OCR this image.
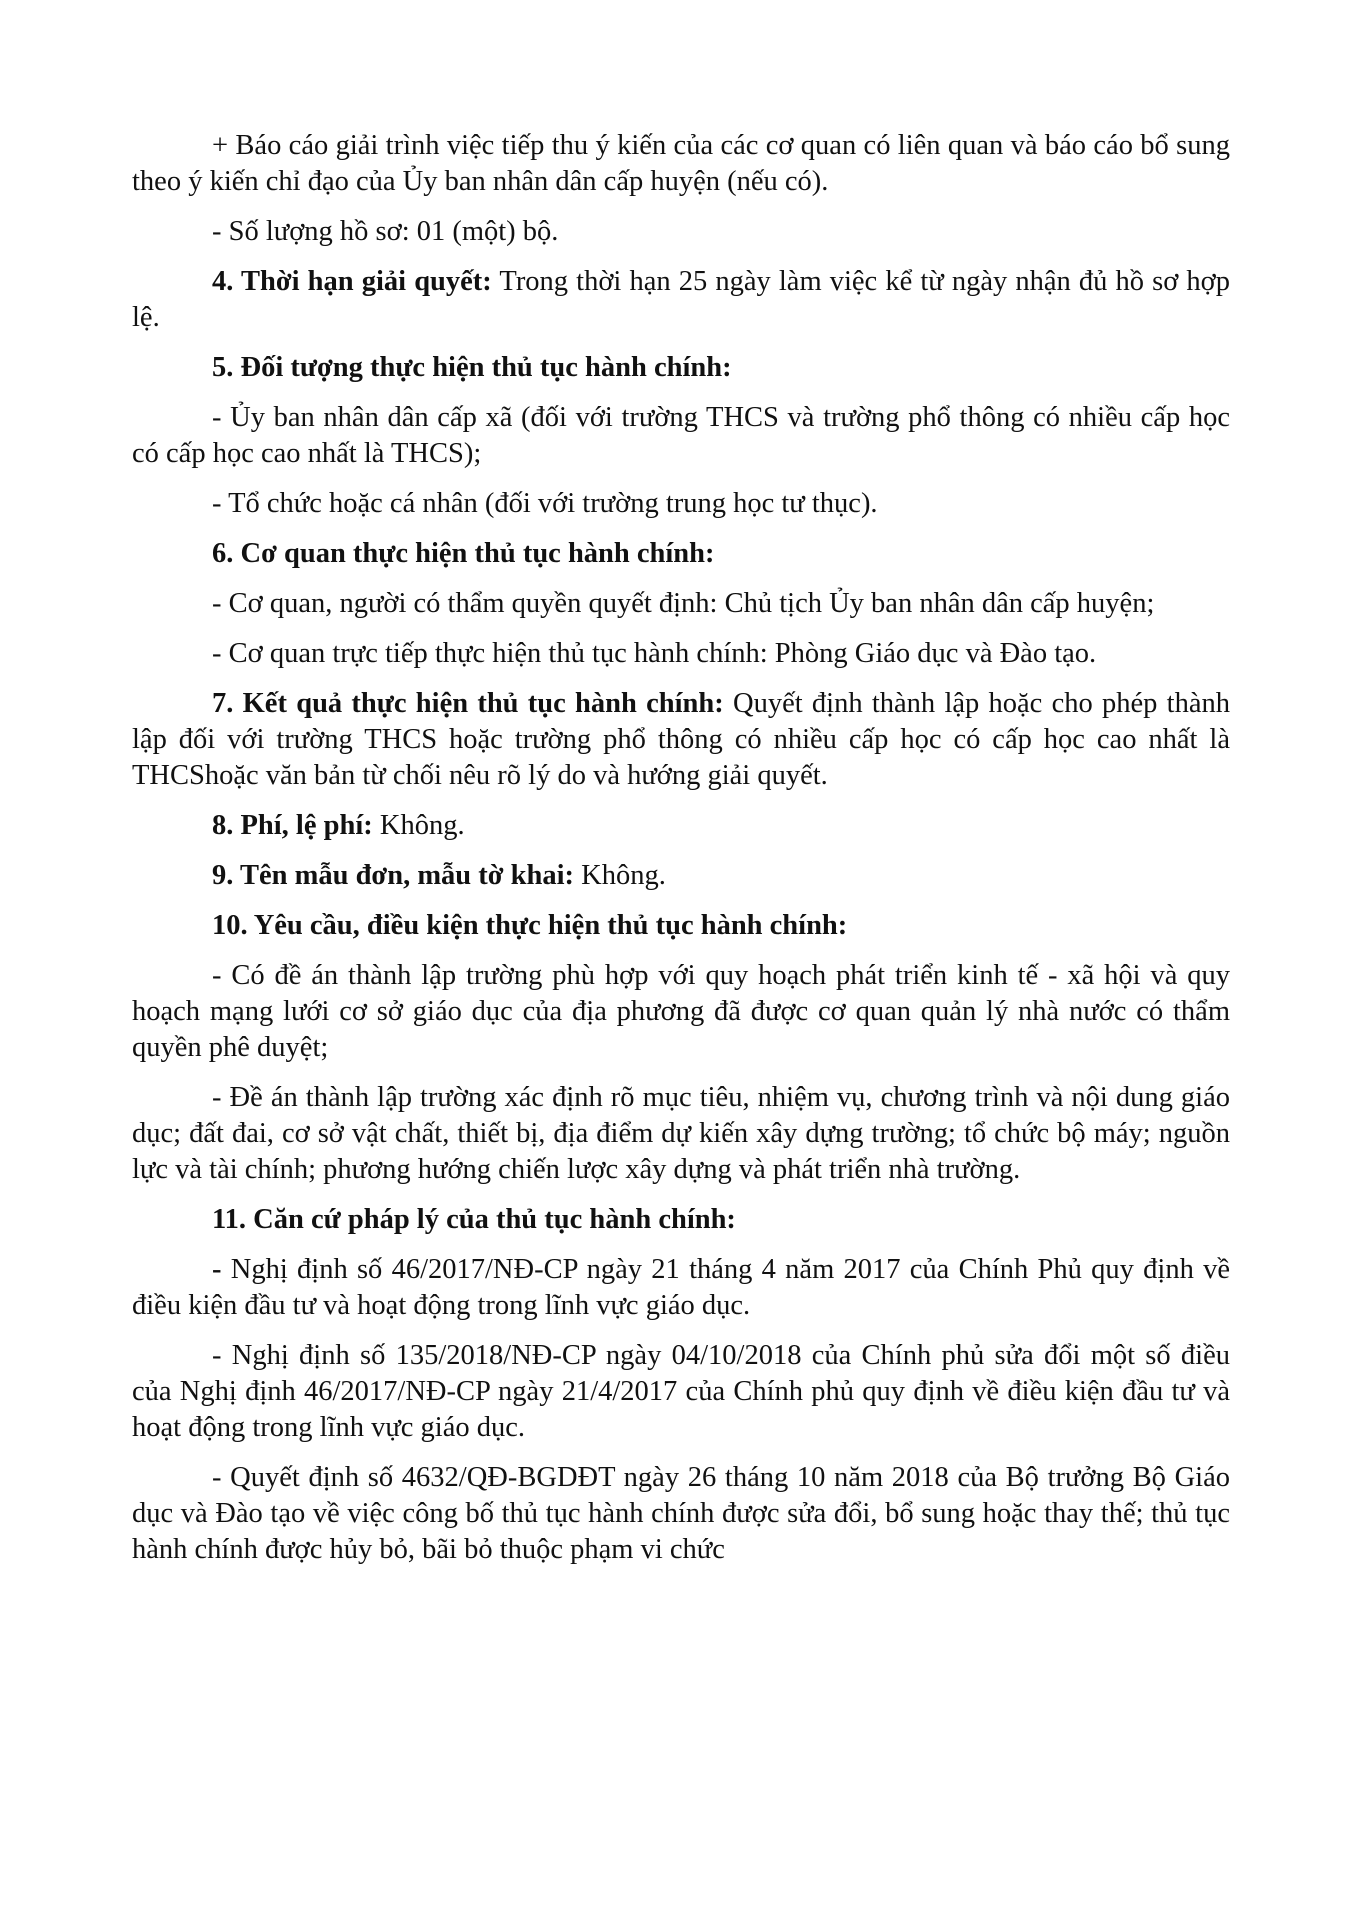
+ Báo cáo giải trình việc tiếp thu ý kiến của các cơ quan có liên quan và báo cáo bổ sung theo ý kiến chỉ đạo của Ủy ban nhân dân cấp huyện (nếu có).

- Số lượng hồ sơ: 01 (một) bộ.

4. Thời hạn giải quyết: Trong thời hạn 25 ngày làm việc kể từ ngày nhận đủ hồ sơ hợp lệ.

5. Đối tượng thực hiện thủ tục hành chính:

- Ủy ban nhân dân cấp xã (đối với trường THCS và trường phổ thông có nhiều cấp học có cấp học cao nhất là THCS);

- Tổ chức hoặc cá nhân (đối với trường trung học tư thục).

6. Cơ quan thực hiện thủ tục hành chính:

- Cơ quan, người có thẩm quyền quyết định: Chủ tịch Ủy ban nhân dân cấp huyện;

- Cơ quan trực tiếp thực hiện thủ tục hành chính: Phòng Giáo dục và Đào tạo.

7. Kết quả thực hiện thủ tục hành chính: Quyết định thành lập hoặc cho phép thành lập đối với trường THCS hoặc trường phổ thông có nhiều cấp học có cấp học cao nhất là THCShoặc văn bản từ chối nêu rõ lý do và hướng giải quyết.

8. Phí, lệ phí: Không.

9. Tên mẫu đơn, mẫu tờ khai: Không.

10. Yêu cầu, điều kiện thực hiện thủ tục hành chính:

- Có đề án thành lập trường phù hợp với quy hoạch phát triển kinh tế - xã hội và quy hoạch mạng lưới cơ sở giáo dục của địa phương đã được cơ quan quản lý nhà nước có thẩm quyền phê duyệt;

- Đề án thành lập trường xác định rõ mục tiêu, nhiệm vụ, chương trình và nội dung giáo dục; đất đai, cơ sở vật chất, thiết bị, địa điểm dự kiến xây dựng trường; tổ chức bộ máy; nguồn lực và tài chính; phương hướng chiến lược xây dựng và phát triển nhà trường.

11. Căn cứ pháp lý của thủ tục hành chính:

- Nghị định số 46/2017/NĐ-CP ngày 21 tháng 4 năm 2017 của Chính Phủ quy định về điều kiện đầu tư và hoạt động trong lĩnh vực giáo dục.

- Nghị định số 135/2018/NĐ-CP ngày 04/10/2018 của Chính phủ sửa đổi một số điều của Nghị định 46/2017/NĐ-CP ngày 21/4/2017 của Chính phủ quy định về điều kiện đầu tư và hoạt động trong lĩnh vực giáo dục.

- Quyết định số 4632/QĐ-BGDĐT ngày 26 tháng 10 năm 2018 của Bộ trưởng Bộ Giáo dục và Đào tạo về việc công bố thủ tục hành chính được sửa đổi, bổ sung hoặc thay thế; thủ tục hành chính được hủy bỏ, bãi bỏ thuộc phạm vi chức
